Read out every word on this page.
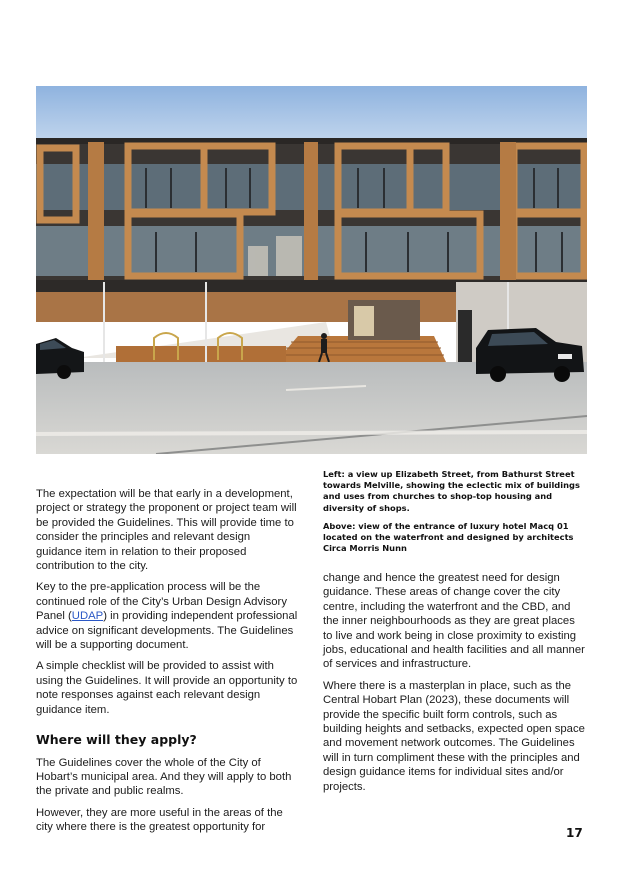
Left: a view up Elizabeth Street, from Bathurst Street towards Melville, showing the eclectic mix of buildings and uses from churches to shop-top housing and diversity of shops.

Above: view of the entrance of luxury hotel Macq 01 located on the waterfront and designed by architects Circa Morris Nunn

The expectation will be that early in a development, project or strategy the proponent or project team will be provided the Guidelines. This will provide time to consider the principles and relevant design guidance item in relation to their proposed contribution to the city.

Key to the pre-application process will be the continued role of the City’s Urban Design Advisory Panel (UDAP) in providing independent professional advice on significant developments. The Guidelines will be a supporting document.

A simple checklist will be provided to assist with using the Guidelines. It will provide an opportunity to note responses against each relevant design guidance item.

Where will they apply?

The Guidelines cover the whole of the City of Hobart’s municipal area. And they will apply to both the private and public realms.

However, they are more useful in the areas of the city where there is the greatest opportunity for

change and hence the greatest need for design guidance. These areas of change cover the city centre, including the waterfront and the CBD, and the inner neighbourhoods as they are great places to live and work being in close proximity to existing jobs, educational and health facilities and all manner of services and infrastructure.

Where there is a masterplan in place, such as the Central Hobart Plan (2023), these documents will provide the specific built form controls, such as building heights and setbacks, expected open space and movement network outcomes. The Guidelines will in turn compliment these with the principles and design guidance items for individual sites and/or projects.

17
